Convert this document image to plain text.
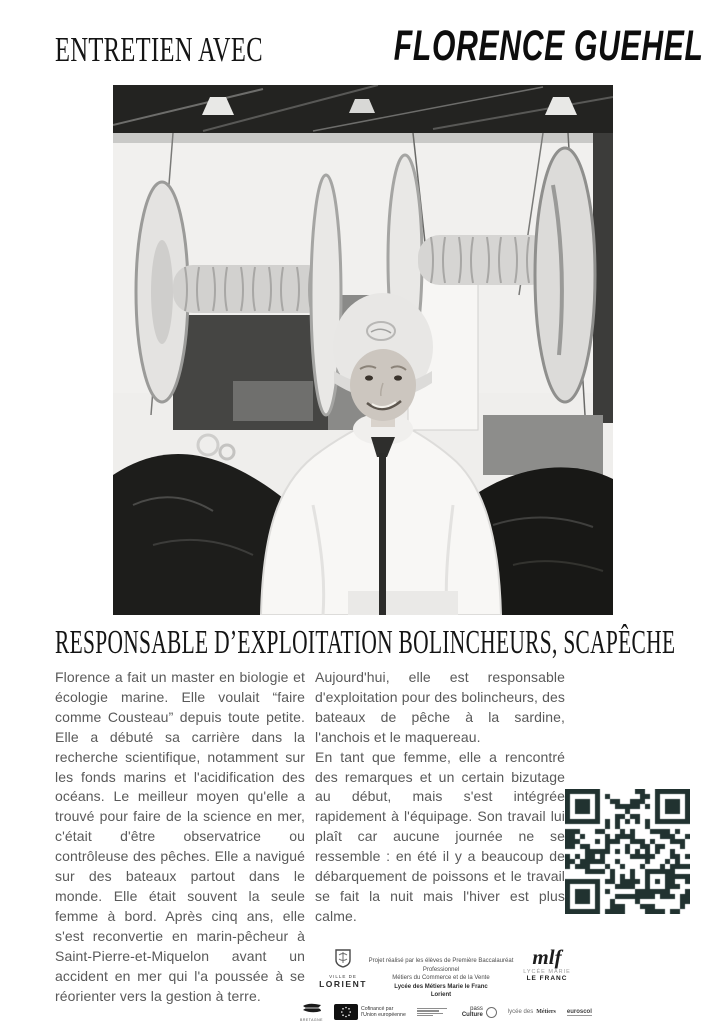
ENTRETIEN AVEC	FLORENCE GUEHEL
RESPONSABLE D’EXPLOITATION BOLINCHEURS, SCAPÊCHE

Florence a fait un master en biologie et écologie marine. Elle voulait “faire comme Cousteau” depuis toute petite. Elle a débuté sa carrière dans la recherche scientifique, notamment sur les fonds marins et l'acidification des océans. Le meilleur moyen qu'elle a trouvé pour faire de la science en mer, c'était d'être observatrice ou contrôleuse des pêches. Elle a navigué sur des bateaux partout dans le monde. Elle était souvent la seule femme à bord. Après cinq ans, elle s'est reconvertie en marin-pêcheur à Saint-Pierre-et-Miquelon avant un accident en mer qui l'a poussée à se réorienter vers la gestion à terre.

Aujourd'hui, elle est responsable d'exploitation pour des bolincheurs, des bateaux de pêche à la sardine, l'anchois et le maquereau.

En tant que femme, elle a rencontré des remarques et un certain bizutage au début, mais s'est intégrée rapidement à l'équipage. Son travail lui plaît car aucune journée ne se ressemble : en été il y a beaucoup de débarquement de poissons et le travail se fait la nuit mais l'hiver est plus calme.

VILLE DE
LORIENT
Projet réalisé par les élèves de Première Baccalauréat Professionnel
Métiers du Commerce et de la Vente
Lycée des Métiers Marie le Franc
Lorient
mlf
LYCÉE MARIE
LE FRANC
BRETAGNE
Cofinancé par
l'Union européenne
pass
Culture	lycée des Métiers euroscol
